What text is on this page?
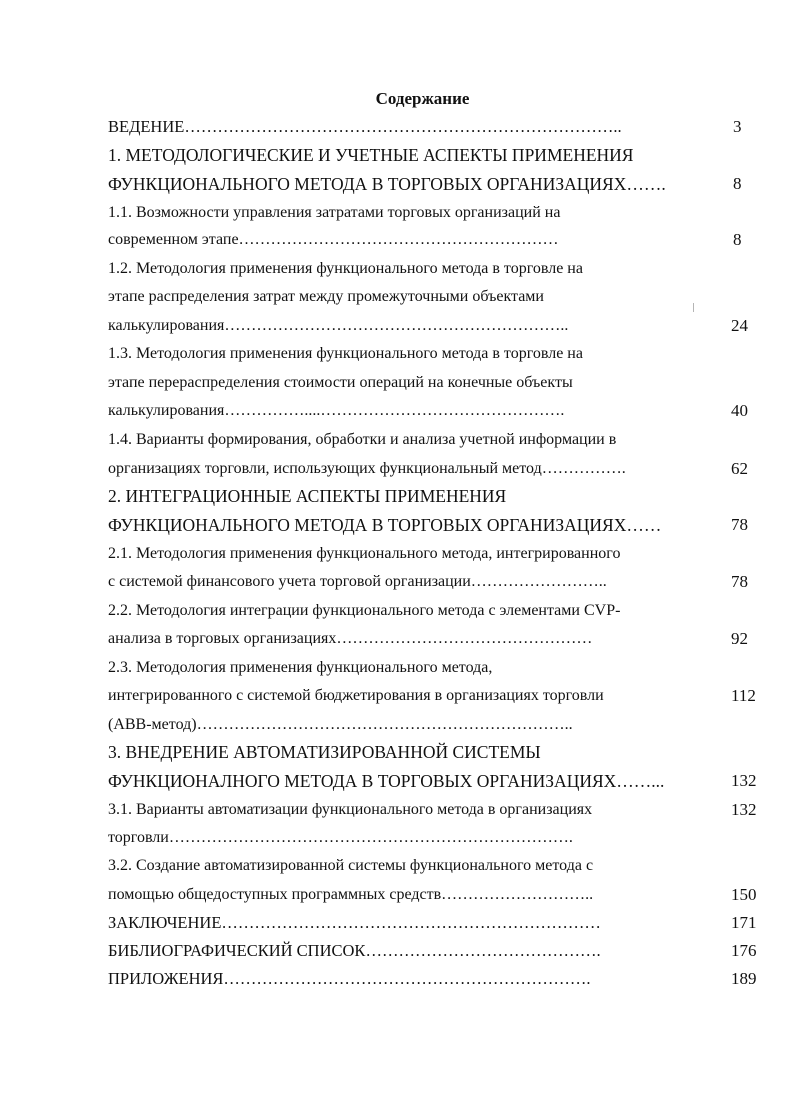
Содержание
ВЕДЕНИЕ……………………………………………………………………..
1. МЕТОДОЛОГИЧЕСКИЕ И УЧЕТНЫЕ АСПЕКТЫ ПРИМЕНЕНИЯ
ФУНКЦИОНАЛЬНОГО МЕТОДА В ТОРГОВЫХ ОРГАНИЗАЦИЯХ…….
1.1. Возможности управления затратами торговых организаций на
современном этапе……………………………………………………
1.2. Методология применения функционального метода в торговле на
этапе распределения затрат между промежуточными объектами
калькулирования………………………………………………………..
1.3. Методология применения функционального метода в торговле на
этапе перераспределения стоимости операций на конечные объекты
калькулирования……………....……………………………………….
1.4. Варианты формирования, обработки и анализа учетной информации в
организациях торговли, использующих функциональный метод…………….
2. ИНТЕГРАЦИОННЫЕ АСПЕКТЫ ПРИМЕНЕНИЯ
ФУНКЦИОНАЛЬНОГО МЕТОДА В ТОРГОВЫХ ОРГАНИЗАЦИЯХ……
2.1. Методология применения функционального метода, интегрированного
с системой финансового учета торговой организации……………………..
2.2. Методология интеграции функционального метода с элементами CVP-
анализа в торговых организациях…………………………………………
2.3. Методология применения функционального метода,
интегрированного с системой бюджетирования в организациях торговли
(ABB-метод)……………………………………………………………..
3. ВНЕДРЕНИЕ АВТОМАТИЗИРОВАННОЙ СИСТЕМЫ
ФУНКЦИОНАЛНОГО МЕТОДА В ТОРГОВЫХ ОРГАНИЗАЦИЯХ……...
3.1. Варианты автоматизации функционального метода в организациях
торговли………………………………………………………………….
3.2. Создание автоматизированной системы функционального метода с
помощью общедоступных программных средств………………………..
ЗАКЛЮЧЕНИЕ……………………………………………………………
БИБЛИОГРАФИЧЕСКИЙ СПИСОК…………………………………….
ПРИЛОЖЕНИЯ………………………………………………………….
3
8
8
24
40
62
78
78
92
112
132
132
150
171
176
189
